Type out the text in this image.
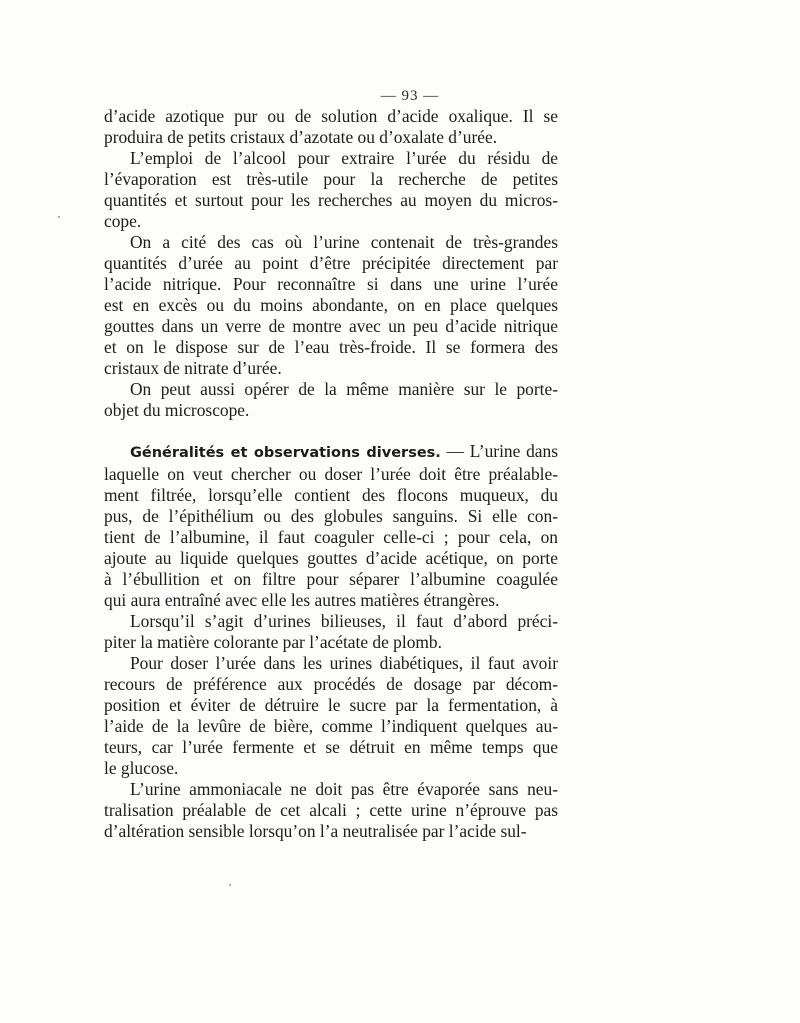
— 93 —

d’acide azotique pur ou de solution d’acide oxalique. Il se
produira de petits cristaux d’azotate ou d’oxalate d’urée.

L’emploi de l’alcool pour extraire l’urée du résidu de
l’évaporation est très-utile pour la recherche de petites
quantités et surtout pour les recherches au moyen du micros-
cope.

On a cité des cas où l’urine contenait de très-grandes
quantités d’urée au point d’être précipitée directement par
l’acide nitrique. Pour reconnaître si dans une urine l’urée
est en excès ou du moins abondante, on en place quelques
gouttes dans un verre de montre avec un peu d’acide nitrique
et on le dispose sur de l’eau très-froide. Il se formera des
cristaux de nitrate d’urée.

On peut aussi opérer de la même manière sur le porte-
objet du microscope.

Généralités et observations diverses. — L’urine dans

laquelle on veut chercher ou doser l’urée doit être préalable-
ment filtrée, lorsqu’elle contient des flocons muqueux, du
pus, de l’épithélium ou des globules sanguins. Si elle con-
tient de l’albumine, il faut coaguler celle-ci ; pour cela, on
ajoute au liquide quelques gouttes d’acide acétique, on porte
à l’ébullition et on filtre pour séparer l’albumine coagulée
qui aura entraîné avec elle les autres matières étrangères.

Lorsqu’il s’agit d’urines bilieuses, il faut d’abord préci-
piter la matière colorante par l’acétate de plomb.

Pour doser l’urée dans les urines diabétiques, il faut avoir
recours de préférence aux procédés de dosage par décom-
position et éviter de détruire le sucre par la fermentation, à
l’aide de la levûre de bière, comme l’indiquent quelques au-
teurs, car l’urée fermente et se détruit en même temps que
le glucose.

L’urine ammoniacale ne doit pas être évaporée sans neu-
tralisation préalable de cet alcali ; cette urine n’éprouve pas
d’altération sensible lorsqu’on l’a neutralisée par l’acide sul-
